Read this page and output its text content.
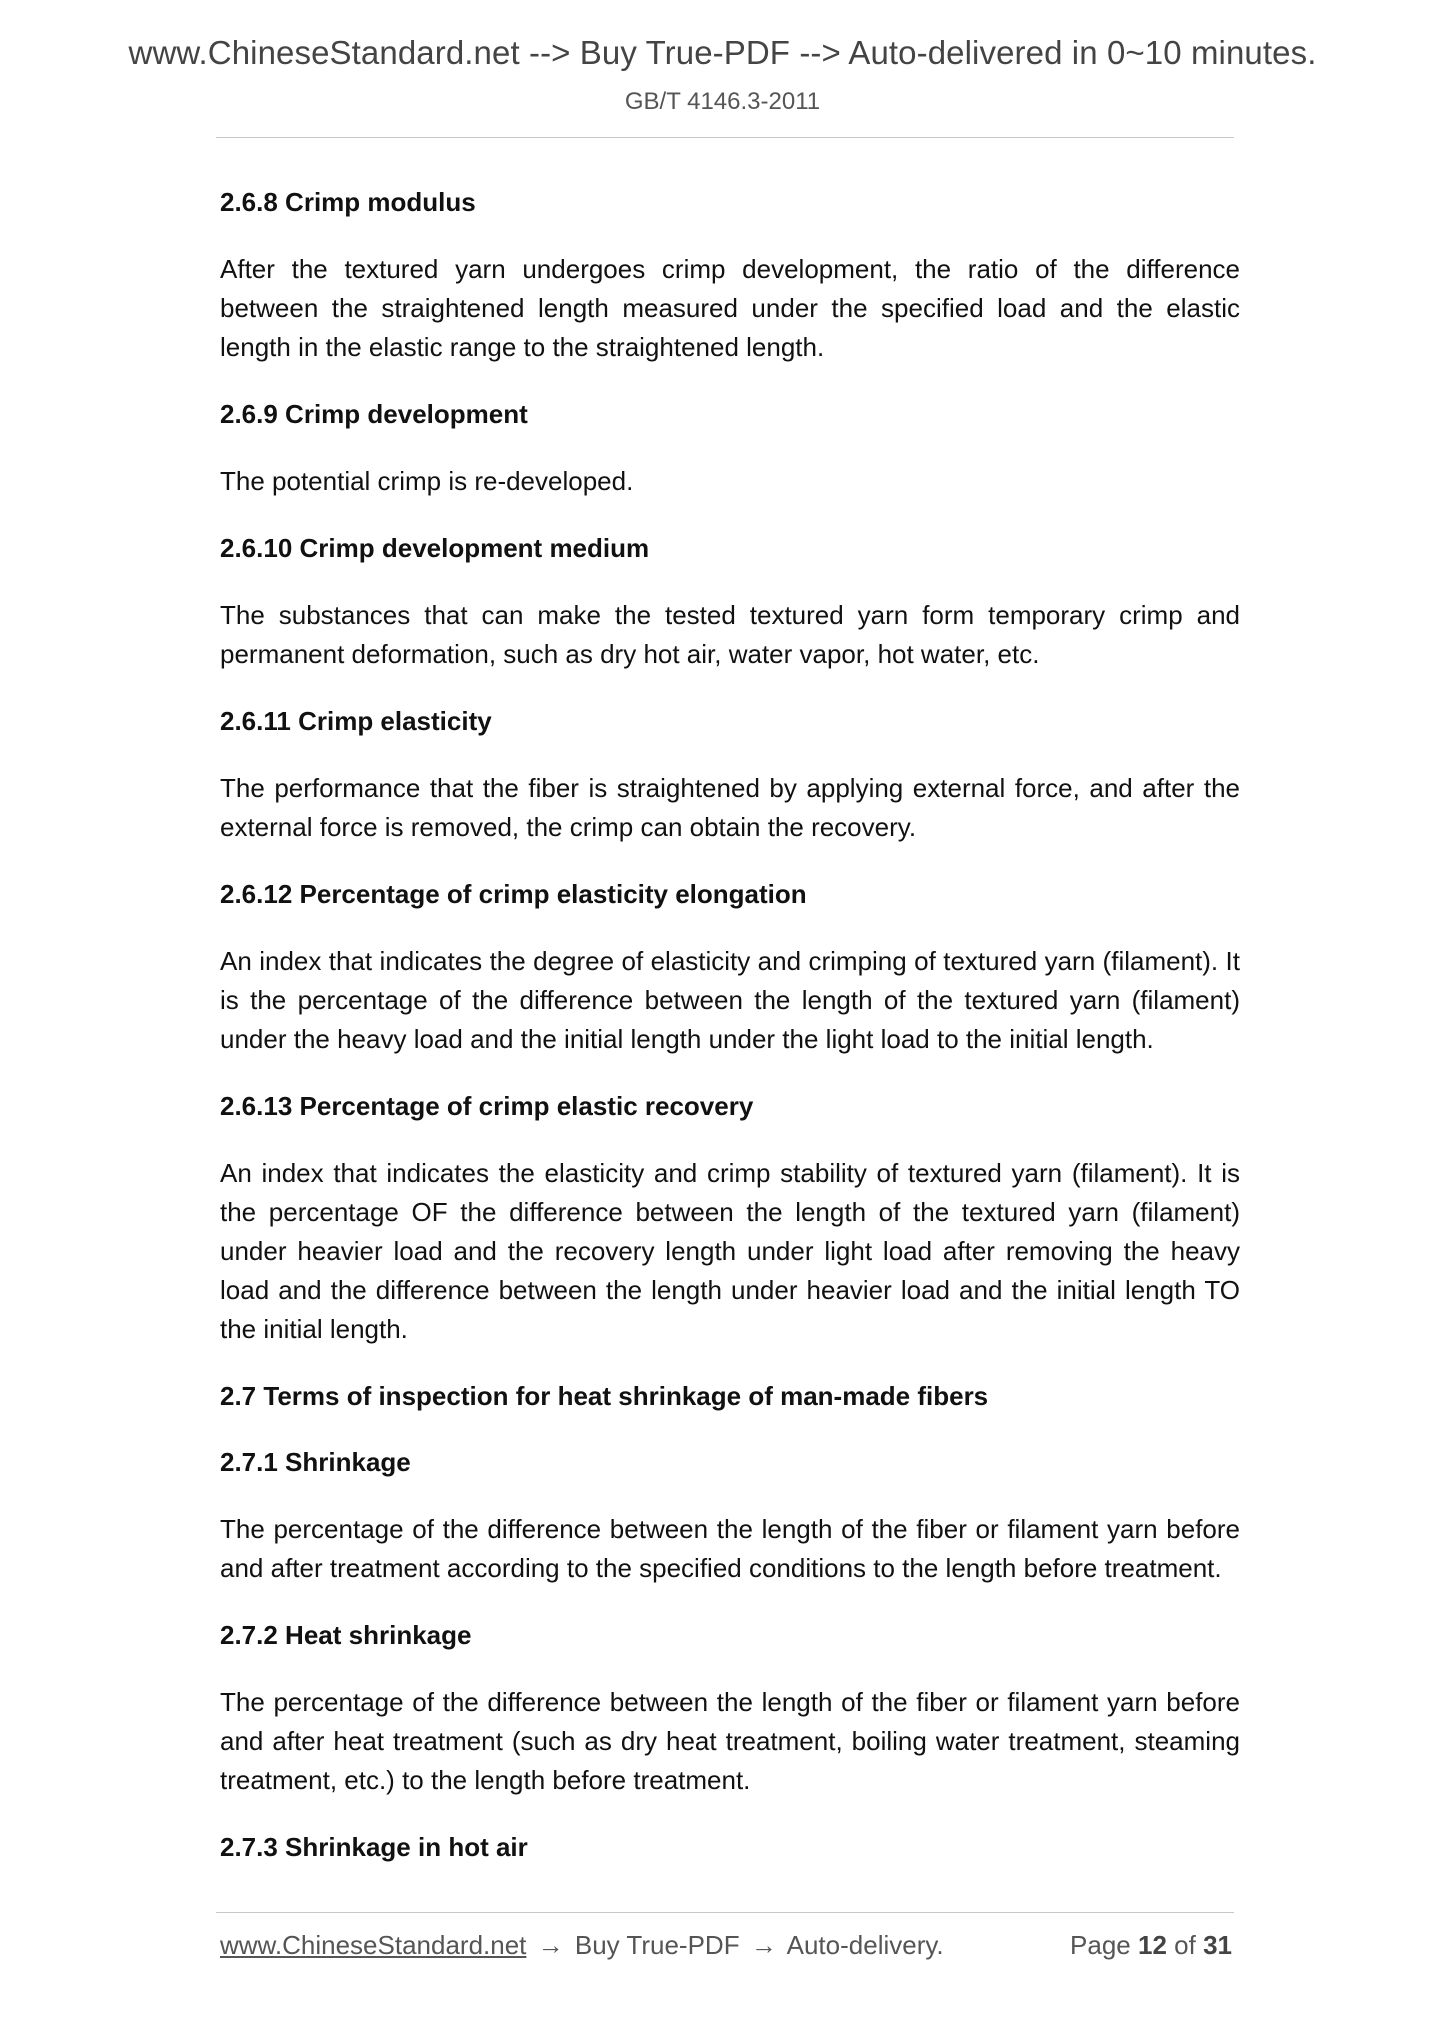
www.ChineseStandard.net --> Buy True-PDF --> Auto-delivered in 0~10 minutes.
GB/T 4146.3-2011
2.6.8 Crimp modulus
After the textured yarn undergoes crimp development, the ratio of the difference between the straightened length measured under the specified load and the elastic length in the elastic range to the straightened length.
2.6.9 Crimp development
The potential crimp is re-developed.
2.6.10 Crimp development medium
The substances that can make the tested textured yarn form temporary crimp and permanent deformation, such as dry hot air, water vapor, hot water, etc.
2.6.11 Crimp elasticity
The performance that the fiber is straightened by applying external force, and after the external force is removed, the crimp can obtain the recovery.
2.6.12 Percentage of crimp elasticity elongation
An index that indicates the degree of elasticity and crimping of textured yarn (filament). It is the percentage of the difference between the length of the textured yarn (filament) under the heavy load and the initial length under the light load to the initial length.
2.6.13 Percentage of crimp elastic recovery
An index that indicates the elasticity and crimp stability of textured yarn (filament). It is the percentage OF the difference between the length of the textured yarn (filament) under heavier load and the recovery length under light load after removing the heavy load and the difference between the length under heavier load and the initial length TO the initial length.
2.7 Terms of inspection for heat shrinkage of man-made fibers
2.7.1 Shrinkage
The percentage of the difference between the length of the fiber or filament yarn before and after treatment according to the specified conditions to the length before treatment.
2.7.2 Heat shrinkage
The percentage of the difference between the length of the fiber or filament yarn before and after heat treatment (such as dry heat treatment, boiling water treatment, steaming treatment, etc.) to the length before treatment.
2.7.3 Shrinkage in hot air
www.ChineseStandard.net → Buy True-PDF → Auto-delivery.	Page 12 of 31
